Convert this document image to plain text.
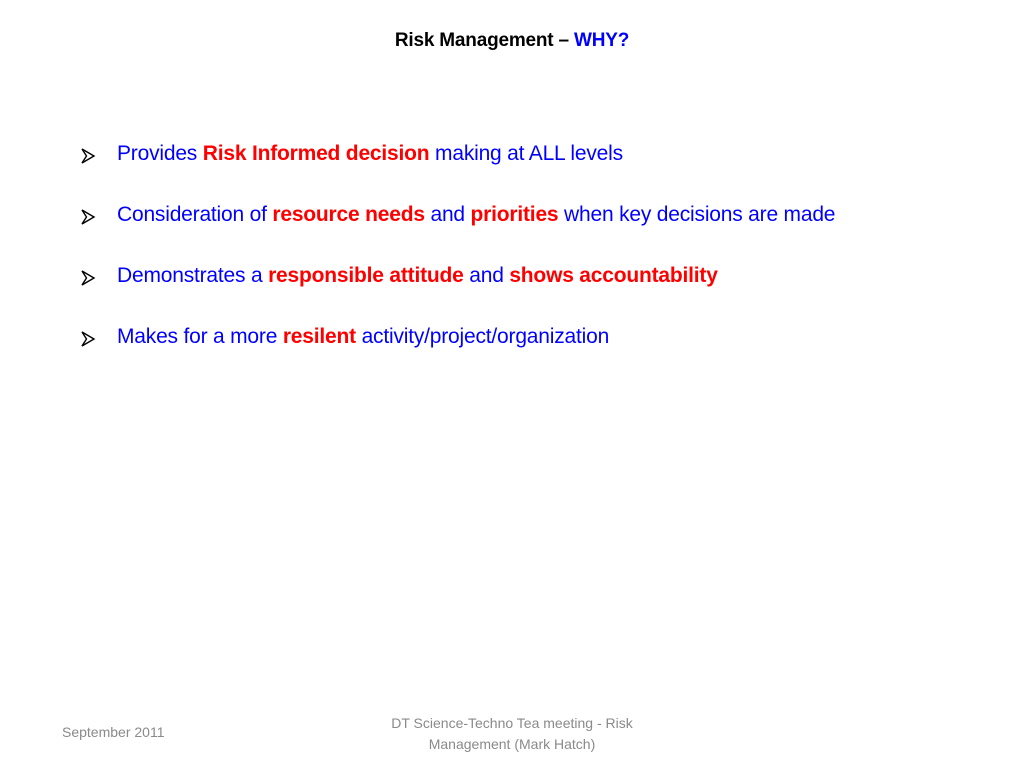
Risk Management – WHY?
Provides Risk Informed decision making at ALL levels
Consideration of resource needs and priorities when key decisions are made
Demonstrates a responsible attitude and shows accountability
Makes for a more resilent activity/project/organization
September 2011
DT Science-Techno Tea meeting - Risk
Management (Mark Hatch)
